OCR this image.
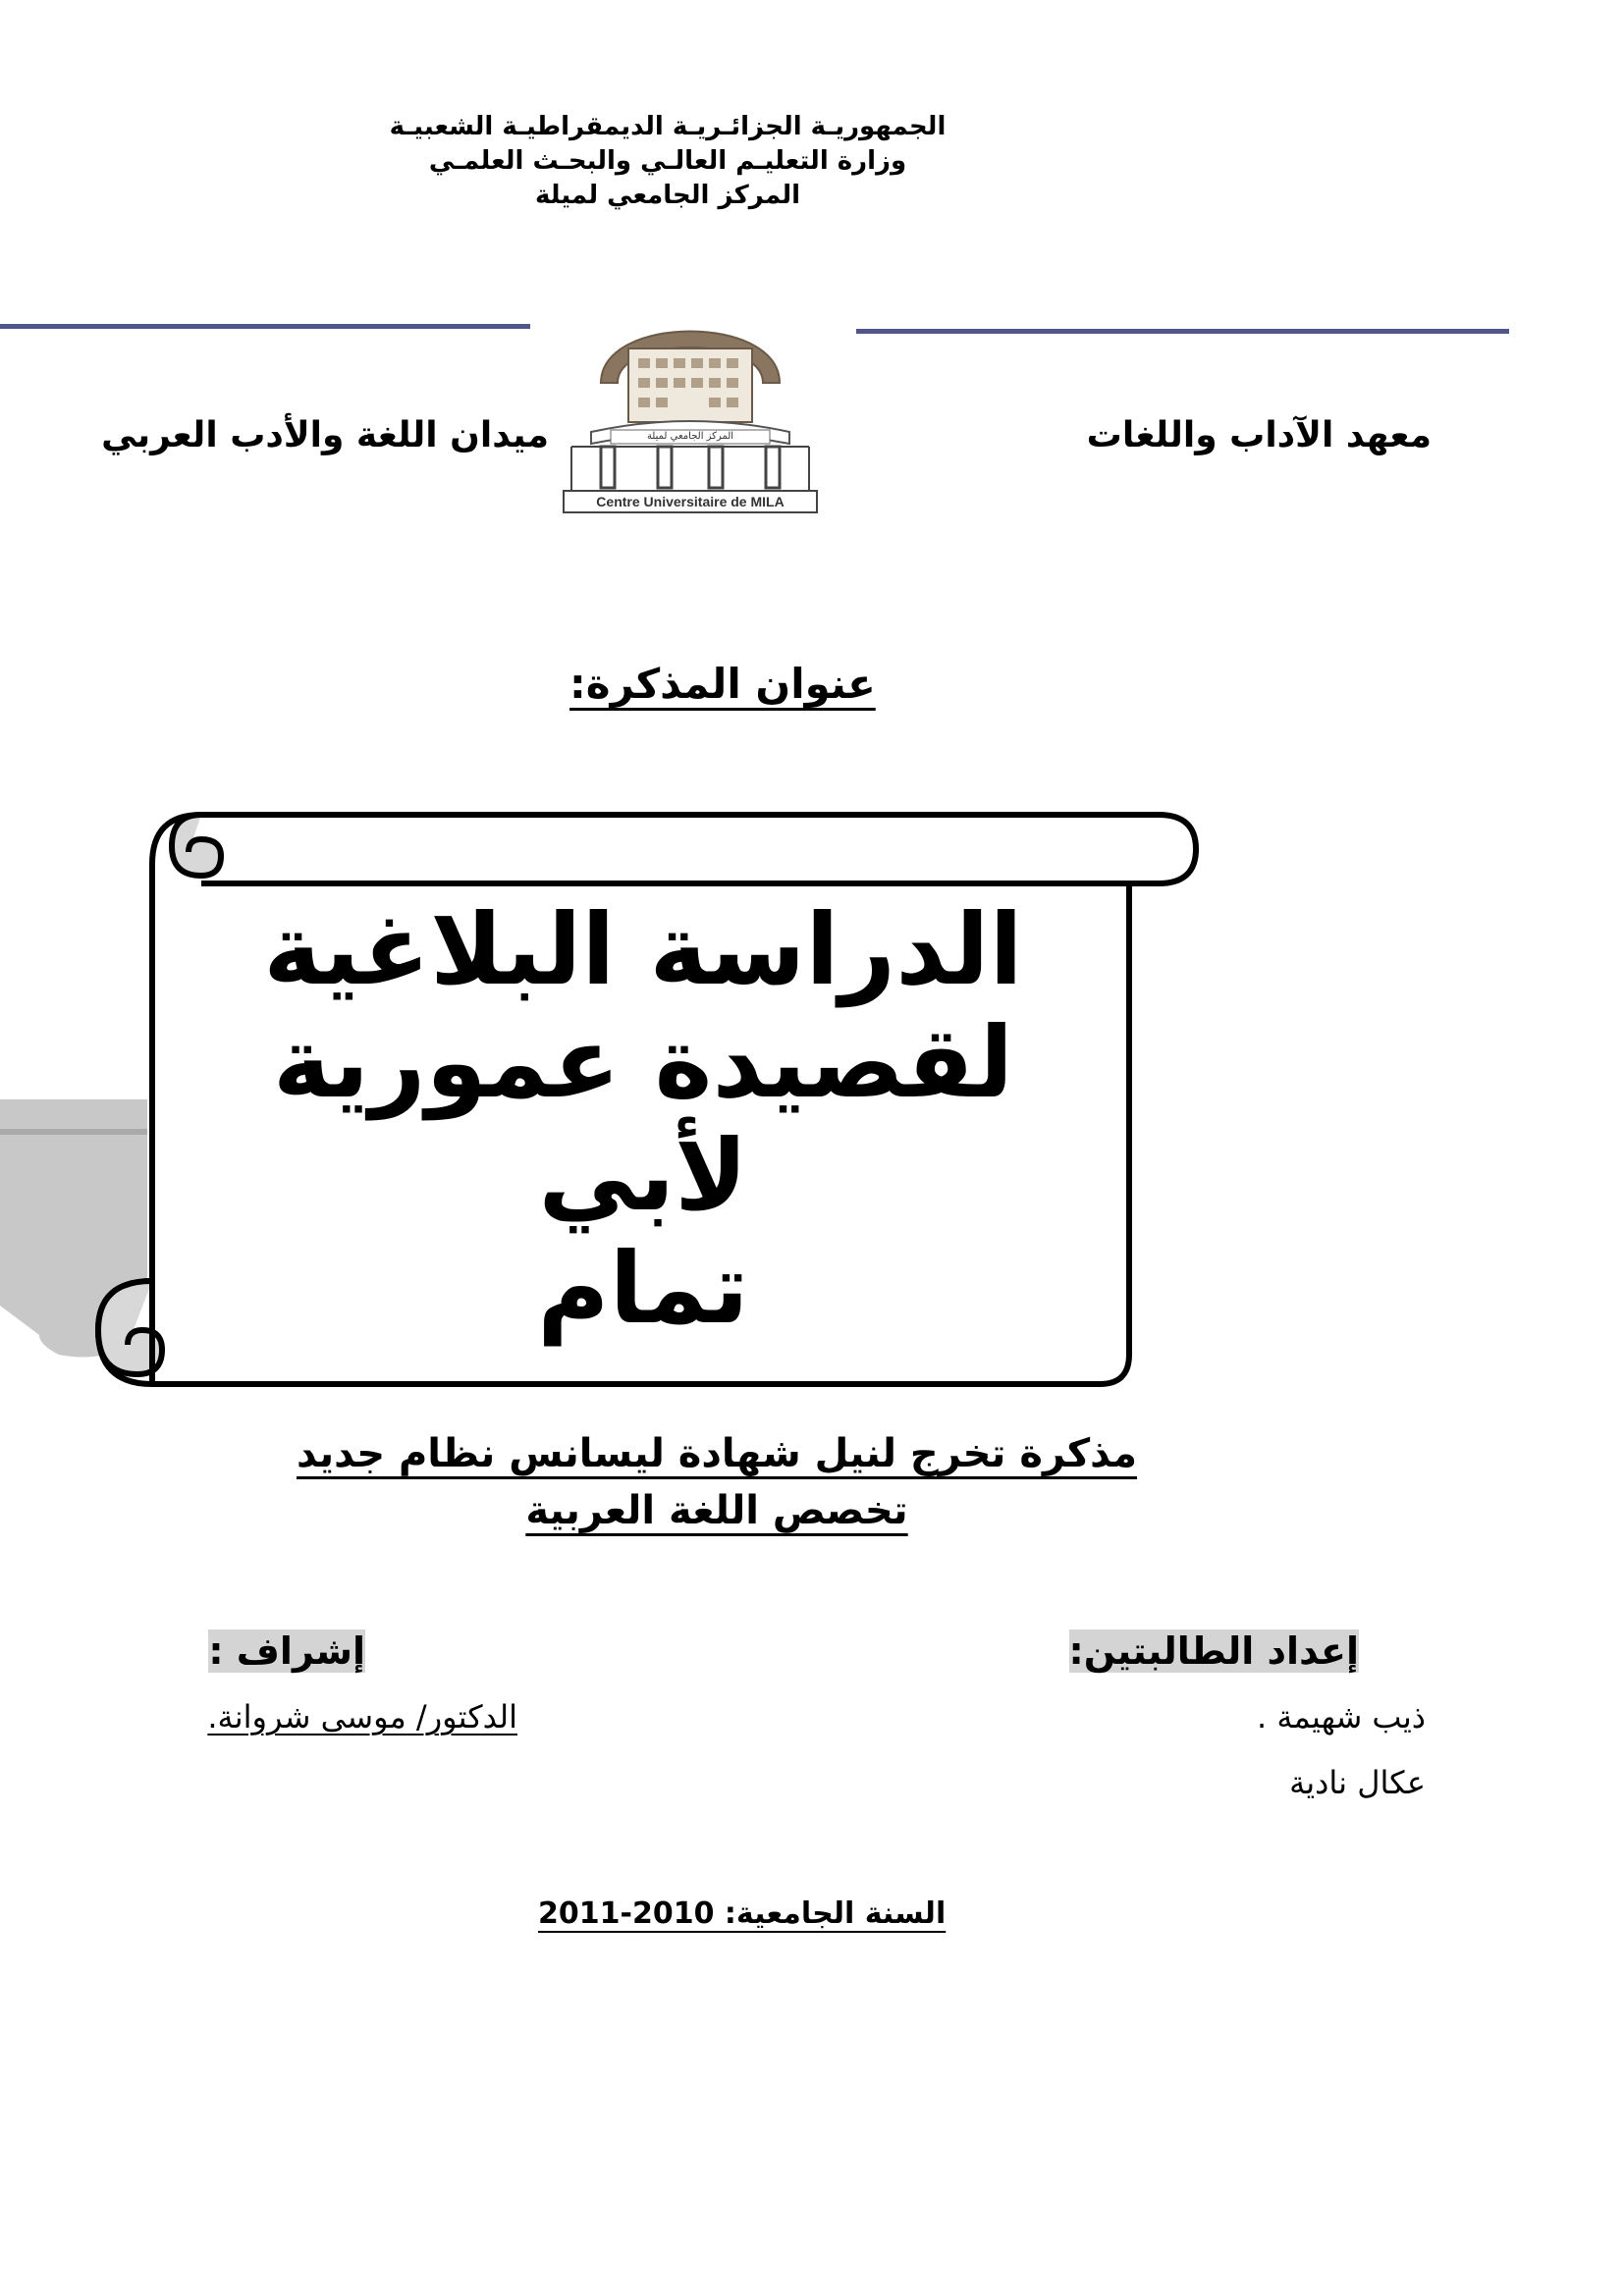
الجمهوريـة الجزائـريـة الديمقراطيـة الشعبيـة
وزارة التعليـم العالـي والبحـث العلمـي
المركز الجامعي لميلة
المركز الجامعي لميلة
Centre Universitaire de MILA
معهد الآداب واللغات
ميدان اللغة والأدب العربي
عنوان المذكرة:
الدراسة البلاغية
لقصيدة عمورية لأبي
تمام
مذكرة تخرج لنيل شهادة ليسانس نظام جديد
تخصص اللغة العربية
إعداد الطالبتين:
ذيب شهيمة .
عكال نادية
إشراف :
الدكتور/ موسى شروانة.
السنة الجامعية: 2010-2011
